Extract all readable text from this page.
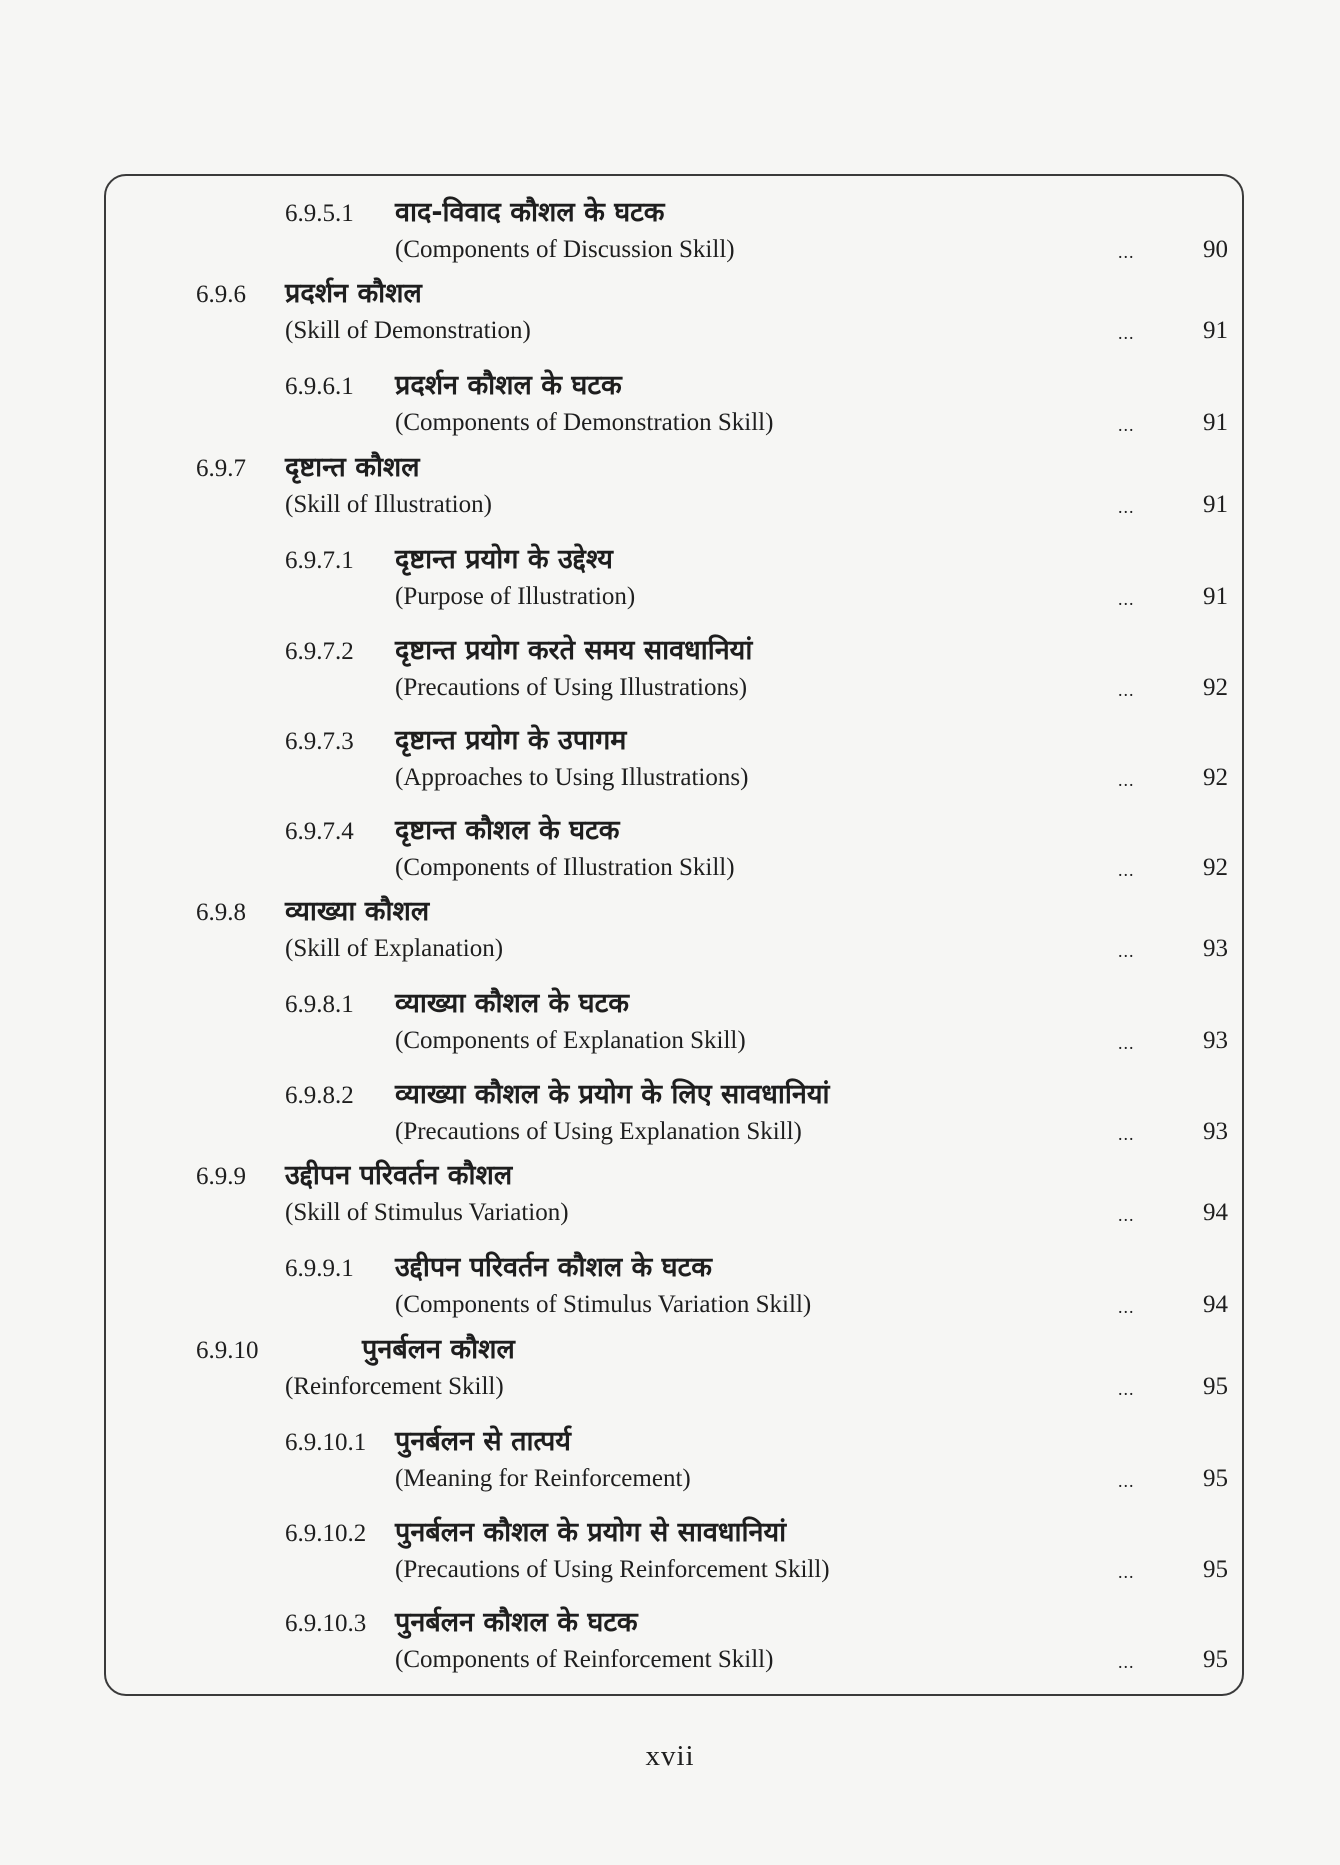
6.9.5.1 वाद-विवाद कौशल के घटक
(Components of Discussion Skill)	...	90
6.9.6 प्रदर्शन कौशल
(Skill of Demonstration)	...	91
6.9.6.1 प्रदर्शन कौशल के घटक
(Components of Demonstration Skill)	...	91
6.9.7 दृष्टान्त कौशल
(Skill of Illustration)	...	91
6.9.7.1 दृष्टान्त प्रयोग के उद्देश्य
(Purpose of Illustration)	...	91
6.9.7.2 दृष्टान्त प्रयोग करते समय सावधानियां
(Precautions of Using Illustrations)	...	92
6.9.7.3 दृष्टान्त प्रयोग के उपागम
(Approaches to Using Illustrations)	...	92
6.9.7.4 दृष्टान्त कौशल के घटक
(Components of Illustration Skill)	...	92
6.9.8 व्याख्या कौशल
(Skill of Explanation)	...	93
6.9.8.1 व्याख्या कौशल के घटक
(Components of Explanation Skill)	...	93
6.9.8.2 व्याख्या कौशल के प्रयोग के लिए सावधानियां
(Precautions of Using Explanation Skill)	...	93
6.9.9 उद्दीपन परिवर्तन कौशल
(Skill of Stimulus Variation)	...	94
6.9.9.1 उद्दीपन परिवर्तन कौशल के घटक
(Components of Stimulus Variation Skill)	...	94
6.9.10	पुनर्बलन कौशल
(Reinforcement Skill)	...	95
6.9.10.1 पुनर्बलन से तात्पर्य
(Meaning for Reinforcement)	...	95
6.9.10.2 पुनर्बलन कौशल के प्रयोग से सावधानियां
(Precautions of Using Reinforcement Skill)	...	95
6.9.10.3 पुनर्बलन कौशल के घटक
(Components of Reinforcement Skill)	...	95
xvii
